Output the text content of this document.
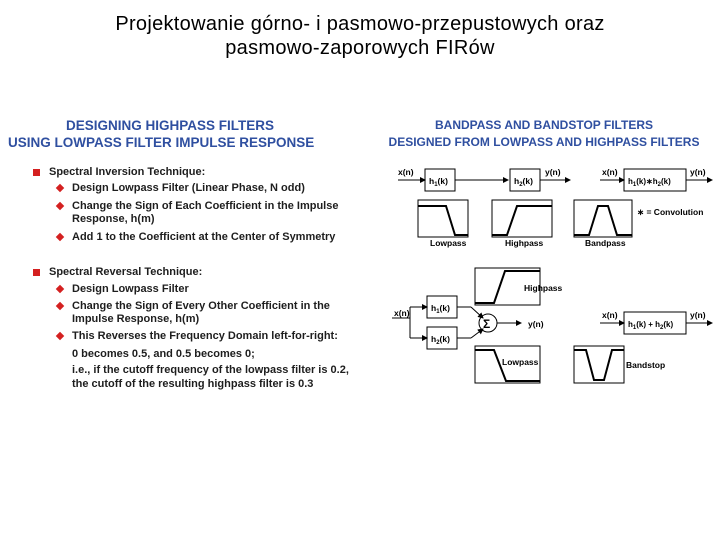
Projektowanie górno- i pasmowo-przepustowych oraz
pasmowo-zaporowych FIRów
DESIGNING HIGHPASS FILTERS
USING LOWPASS FILTER IMPULSE RESPONSE
BANDPASS AND BANDSTOP FILTERS
DESIGNED FROM LOWPASS AND HIGHPASS FILTERS
Spectral Inversion Technique:
Design Lowpass Filter (Linear Phase, N odd)
Change the Sign of Each Coefficient in the Impulse
Response, h(m)
Add 1 to the Coefficient at the Center of Symmetry
Spectral Reversal Technique:
Design Lowpass Filter
Change the Sign of Every Other Coefficient in the
Impulse Response, h(m)
This Reverses the Frequency Domain left-for-right:
0 becomes 0.5, and 0.5 becomes 0;
i.e., if the cutoff frequency of the lowpass filter is 0.2,
the cutoff of the resulting highpass filter is 0.3
x(n)	y(n)
$h_1(k)$	$h_2(k)$
x(n)	y(n)
$h_1(k)∗h_2(k)$
∗ = Convolution
Lowpass	Highpass	Bandpass
Highpass
x(n)	$h_1(k)$
$h_2(k)$
Σ	y(n)
Lowpass
x(n)	y(n)
$h_1(k) + h_2(k)$
Bandstop
